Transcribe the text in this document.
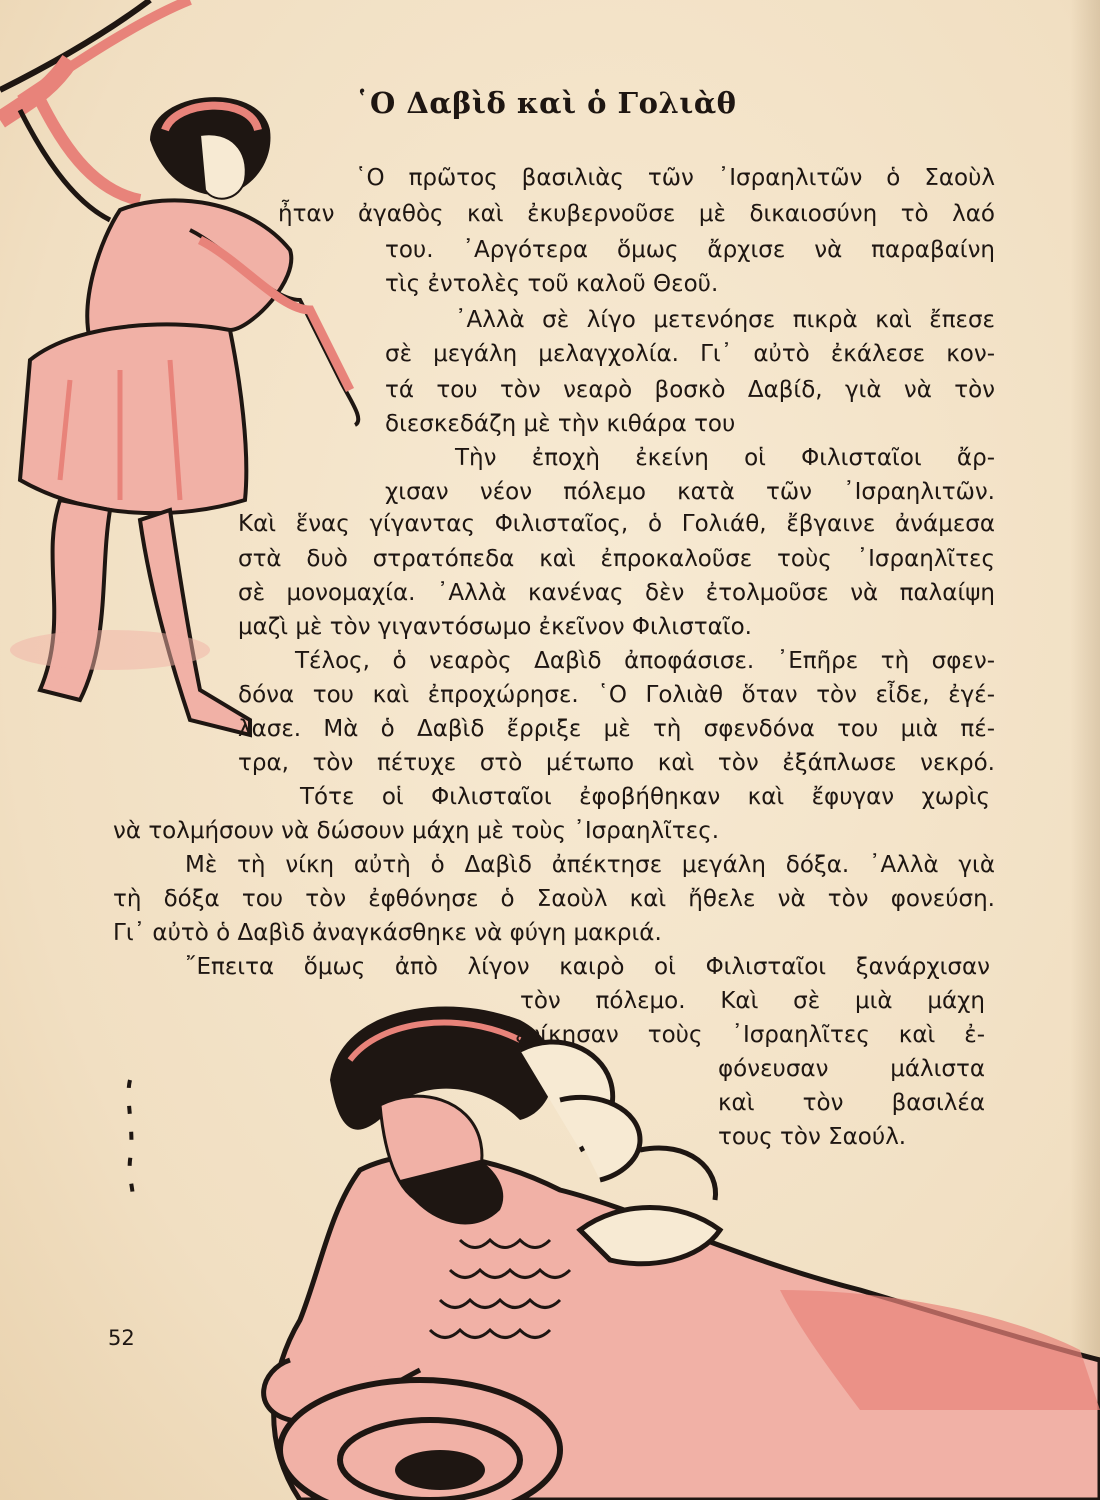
῾Ο Δαβὶδ καὶ ὁ Γολιὰθ
῾Ο πρῶτος βασιλιὰς τῶν ᾿Ισραηλιτῶν ὁ Σαοὺλ
ἦταν ἀγαθὸς καὶ ἐκυβερνοῦσε μὲ δικαιοσύνη τὸ λαό
του. ᾿Αργότερα ὅμως ἄρχισε νὰ παραβαίνη
τὶς ἐντολὲς τοῦ καλοῦ Θεοῦ.
᾿Αλλὰ σὲ λίγο μετενόησε πικρὰ καὶ ἔπεσε
σὲ μεγάλη μελαγχολία. Γι᾿ αὐτὸ ἐκάλεσε κον-
τά του τὸν νεαρὸ βοσκὸ Δαβίδ, γιὰ νὰ τὸν
διεσκεδάζη μὲ τὴν κιθάρα του
Τὴν ἐποχὴ ἐκείνη οἱ Φιλισταῖοι ἄρ-
χισαν νέον πόλεμο κατὰ τῶν ᾿Ισραηλιτῶν.
Καὶ ἕνας γίγαντας Φιλισταῖος, ὁ Γολιάθ, ἔβγαινε ἀνάμεσα
στὰ δυὸ στρατόπεδα καὶ ἐπροκαλοῦσε τοὺς ᾿Ισραηλῖτες
σὲ μονομαχία. ᾿Αλλὰ κανένας δὲν ἐτολμοῦσε νὰ παλαίψη
μαζὶ μὲ τὸν γιγαντόσωμο ἐκεῖνον Φιλισταῖο.
Τέλος, ὁ νεαρὸς Δαβὶδ ἀποφάσισε. ᾿Επῆρε τὴ σφεν-
δόνα του καὶ ἐπροχώρησε. ῾Ο Γολιὰθ ὅταν τὸν εἶδε, ἐγέ-
λασε. Μὰ ὁ Δαβὶδ ἔρριξε μὲ τὴ σφενδόνα του μιὰ πέ-
τρα, τὸν πέτυχε στὸ μέτωπο καὶ τὸν ἐξάπλωσε νεκρό.
Τότε οἱ Φιλισταῖοι ἐφοβήθηκαν καὶ ἔφυγαν χωρὶς
νὰ τολμήσουν νὰ δώσουν μάχη μὲ τοὺς ᾿Ισραηλῖτες.
Μὲ τὴ νίκη αὐτὴ ὁ Δαβὶδ ἀπέκτησε μεγάλη δόξα. ᾿Αλλὰ γιὰ
τὴ δόξα του τὸν ἐφθόνησε ὁ Σαοὺλ καὶ ἤθελε νὰ τὸν φονεύση.
Γι᾿ αὐτὸ ὁ Δαβὶδ ἀναγκάσθηκε νὰ φύγη μακριά.
῎Επειτα ὅμως ἀπὸ λίγον καιρὸ οἱ Φιλισταῖοι ξανάρχισαν
τὸν πόλεμο. Καὶ σὲ μιὰ μάχη
ἐνίκησαν τοὺς ᾿Ισραηλῖτες καὶ ἐ-
φόνευσαν μάλιστα
καὶ τὸν βασιλέα
τους τὸν Σαούλ.
52
